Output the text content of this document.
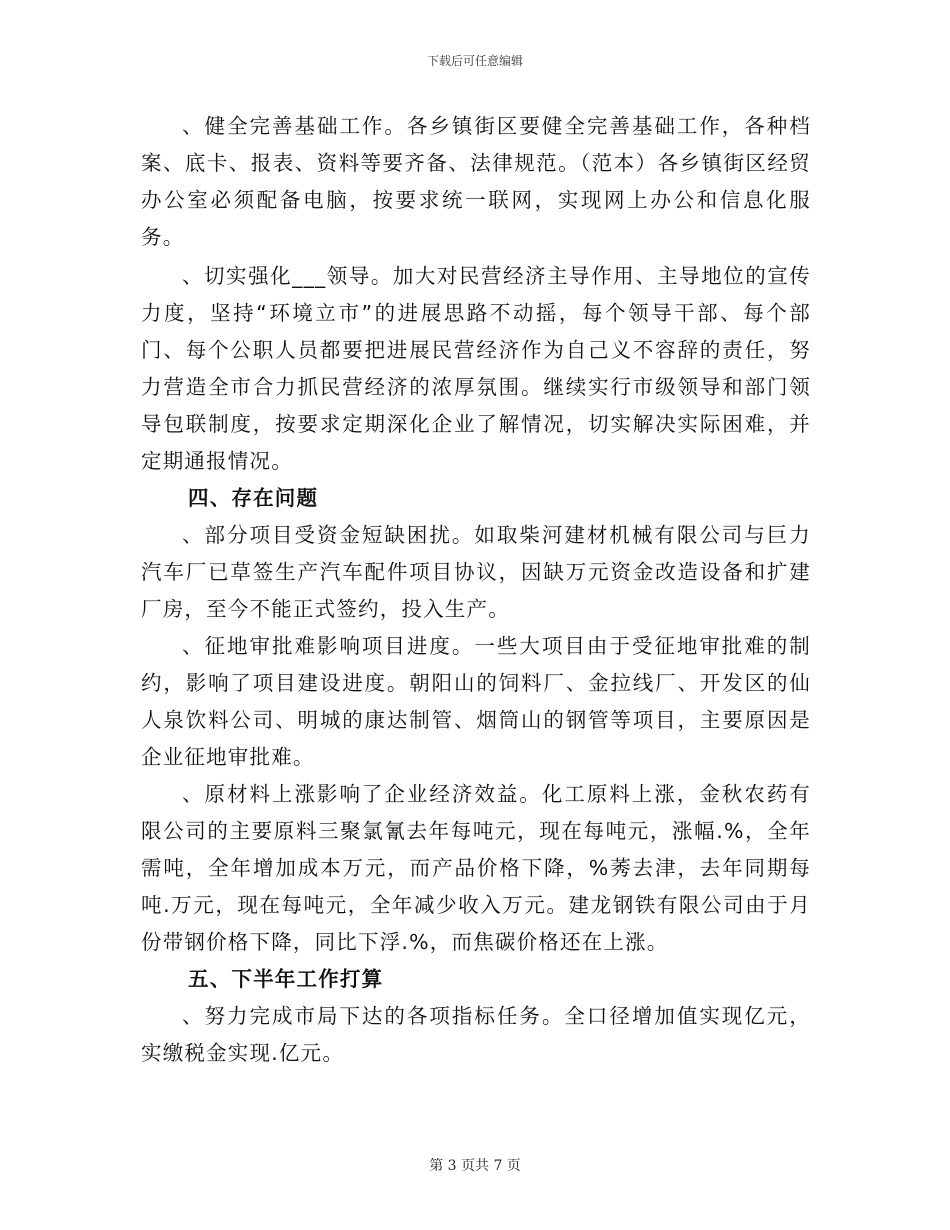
下载后可任意编辑

、健全完善基础工作。各乡镇街区要健全完善基础工作，各种档案、底卡、报表、资料等要齐备、法律规范。（范本）各乡镇街区经贸办公室必须配备电脑，按要求统一联网，实现网上办公和信息化服务。

、切实强化___领导。加大对民营经济主导作用、主导地位的宣传力度，坚持“环境立市”的进展思路不动摇，每个领导干部、每个部门、每个公职人员都要把进展民营经济作为自己义不容辞的责任，努力营造全市合力抓民营经济的浓厚氛围。继续实行市级领导和部门领导包联制度，按要求定期深化企业了解情况，切实解决实际困难，并定期通报情况。

四、存在问题

、部分项目受资金短缺困扰。如取柴河建材机械有限公司与巨力汽车厂已草签生产汽车配件项目协议，因缺万元资金改造设备和扩建厂房，至今不能正式签约，投入生产。

、征地审批难影响项目进度。一些大项目由于受征地审批难的制约，影响了项目建设进度。朝阳山的饲料厂、金拉线厂、开发区的仙人泉饮料公司、明城的康达制管、烟筒山的钢管等项目，主要原因是企业征地审批难。

、原材料上涨影响了企业经济效益。化工原料上涨，金秋农药有限公司的主要原料三聚氯氰去年每吨元，现在每吨元，涨幅.%，全年需吨，全年增加成本万元，而产品价格下降，%莠去津，去年同期每吨.万元，现在每吨元，全年减少收入万元。建龙钢铁有限公司由于月份带钢价格下降，同比下浮.%，而焦碳价格还在上涨。

五、下半年工作打算

、努力完成市局下达的各项指标任务。全口径增加值实现亿元，实缴税金实现.亿元。

第 3 页共 7 页
